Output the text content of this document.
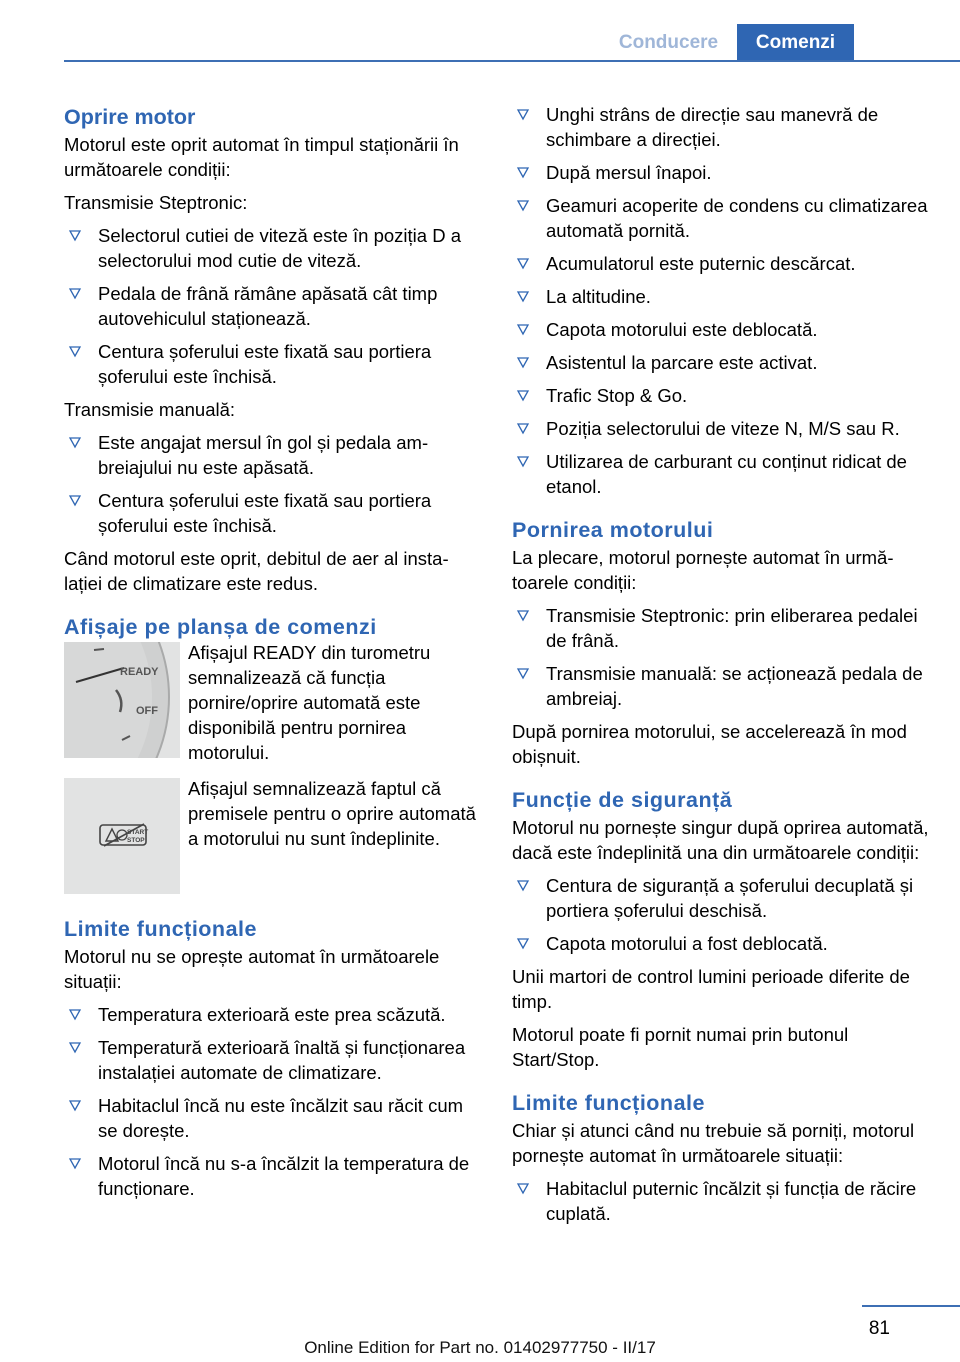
Conducere	Comenzi
Oprire motor

Motorul este oprit automat în timpul staționării în următoarele condiții:

Transmisie Steptronic:

Selectorul cutiei de viteză este în poziția D a selectorului mod cutie de viteză.
Pedala de frână rămâne apăsată cât timp autovehiculul staționează.
Centura șoferului este fixată sau portiera șoferului este închisă.

Transmisie manuală:

Este angajat mersul în gol și pedala ambreiajului nu este apăsată.
Centura șoferului este fixată sau portiera șoferului este închisă.

Când motorul este oprit, debitul de aer al instalației de climatizare este redus.

Afișaje pe planșa de comenzi
READY
OFF

Afișajul READY din turometru semnalizează că funcția pornire/oprire automată este disponibilă pentru pornirea motorului.

START
STOP

Afișajul semnalizează faptul că premisele pentru o oprire automată a motorului nu sunt îndeplinite.

Limite funcționale

Motorul nu se oprește automat în următoarele situații:

Temperatura exterioară este prea scăzută.
Temperatură exterioară înaltă și funcționarea instalației automate de climatizare.
Habitaclul încă nu este încălzit sau răcit cum se dorește.
Motorul încă nu s-a încălzit la temperatura de funcționare.
Unghi strâns de direcție sau manevră de schimbare a direcției.
După mersul înapoi.
Geamuri acoperite de condens cu climatizarea automată pornită.
Acumulatorul este puternic descărcat.
La altitudine.
Capota motorului este deblocată.
Asistentul la parcare este activat.
Trafic Stop & Go.
Poziția selectorului de viteze N, M/S sau R.
Utilizarea de carburant cu conținut ridicat de etanol.
Pornirea motorului

La plecare, motorul pornește automat în următoarele condiții:

Transmisie Steptronic: prin eliberarea pedalei de frână.
Transmisie manuală: se acționează pedala de ambreiaj.

După pornirea motorului, se accelerează în mod obișnuit.

Funcție de siguranță

Motorul nu pornește singur după oprirea automată, dacă este îndeplinită una din următoarele condiții:

Centura de siguranță a șoferului decuplată și portiera șoferului deschisă.
Capota motorului a fost deblocată.

Unii martori de control lumini perioade diferite de timp.

Motorul poate fi pornit numai prin butonul Start/Stop.

Limite funcționale

Chiar și atunci când nu trebuie să porniți, motorul pornește automat în următoarele situații:

Habitaclul puternic încălzit și funcția de răcire cuplată.
81
Online Edition for Part no. 01402977750 - II/17
